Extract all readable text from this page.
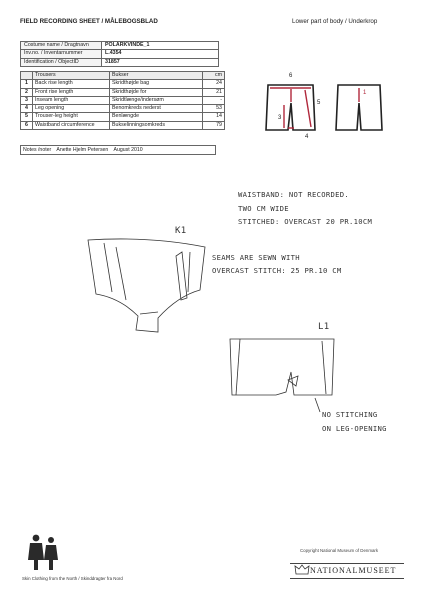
FIELD RECORDING SHEET / MÅLEBOGSBLAD	Lower part of body / Underkrop
Costume name / Dragtnavn	POLARKVINDE_1
Inv.no. / Inventarnummer	L.4354
Identification / ObjectID	31857
	Trousers	Bukser	cm
1	Back rise length	Skridthøjde bag	24
2	Front rise length	Skridthøjde for	21
3	Inseam length	Skridtlænge/indersøm	-
4	Leg opening	Benomkreds nederst	53
5	Trouser-leg height	Benlængde	14
6	Waistband circumference	Bukselinningsomkreds	79
Notes /noter Anette Hjelm Petersen August 2010
6
5
3
4
1
WAISTBAND: NOT RECORDED.
TWO CM WIDE
STITCHED: OVERCAST 20 PR.10CM
K1
SEAMS ARE SEWN WITH
OVERCAST STITCH: 25 PR.10 CM
L1
NO STITCHING
ON LEG-OPENING
Copyright National Museum of Denmark
Skin Clothing from the North / Skinddragter fra Nord
NATIONALMUSEET
